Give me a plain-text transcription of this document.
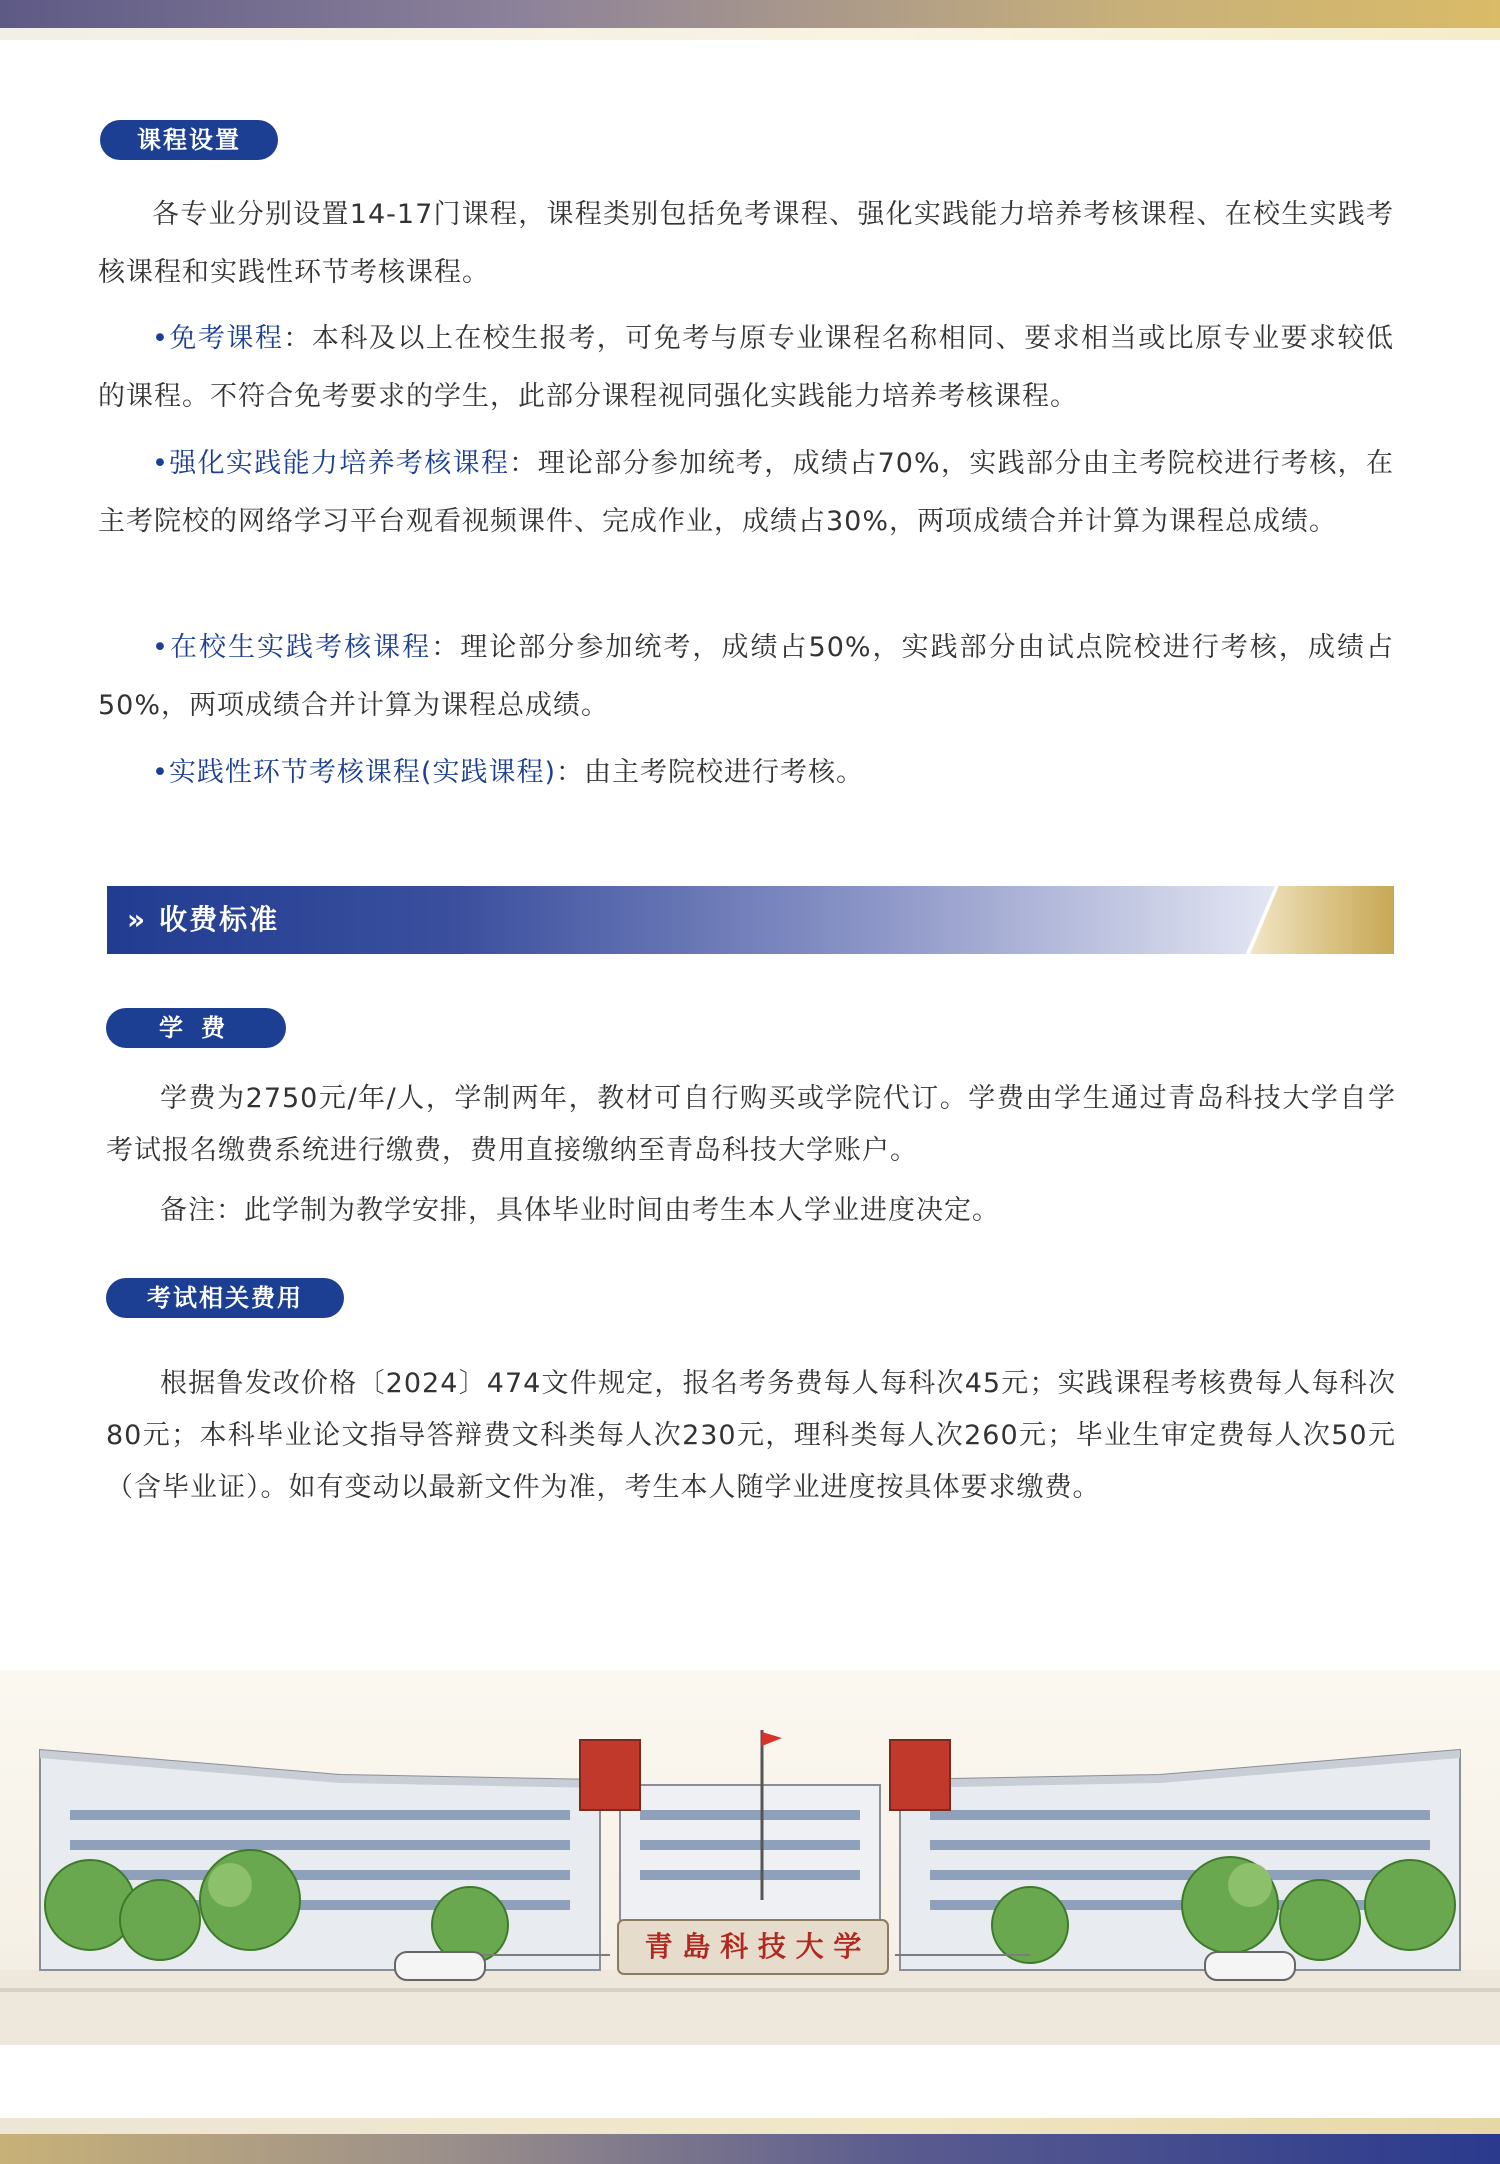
课程设置

各专业分别设置14-17门课程，课程类别包括免考课程、强化实践能力培养考核课程、在校生实践考核课程和实践性环节考核课程。

•免考课程：本科及以上在校生报考，可免考与原专业课程名称相同、要求相当或比原专业要求较低的课程。不符合免考要求的学生，此部分课程视同强化实践能力培养考核课程。

•强化实践能力培养考核课程：理论部分参加统考，成绩占70%，实践部分由主考院校进行考核，在主考院校的网络学习平台观看视频课件、完成作业，成绩占30%，两项成绩合并计算为课程总成绩。

•在校生实践考核课程：理论部分参加统考，成绩占50%，实践部分由试点院校进行考核，成绩占50%，两项成绩合并计算为课程总成绩。

•实践性环节考核课程(实践课程)：由主考院校进行考核。

» 收费标准
学费

学费为2750元/年/人，学制两年，教材可自行购买或学院代订。学费由学生通过青岛科技大学自学考试报名缴费系统进行缴费，费用直接缴纳至青岛科技大学账户。

备注：此学制为教学安排，具体毕业时间由考生本人学业进度决定。

考试相关费用

根据鲁发改价格〔2024〕474文件规定，报名考务费每人每科次45元；实践课程考核费每人每科次80元；本科毕业论文指导答辩费文科类每人次230元，理科类每人次260元；毕业生审定费每人次50元（含毕业证）。如有变动以最新文件为准，考生本人随学业进度按具体要求缴费。

青 島 科 技 大 学
